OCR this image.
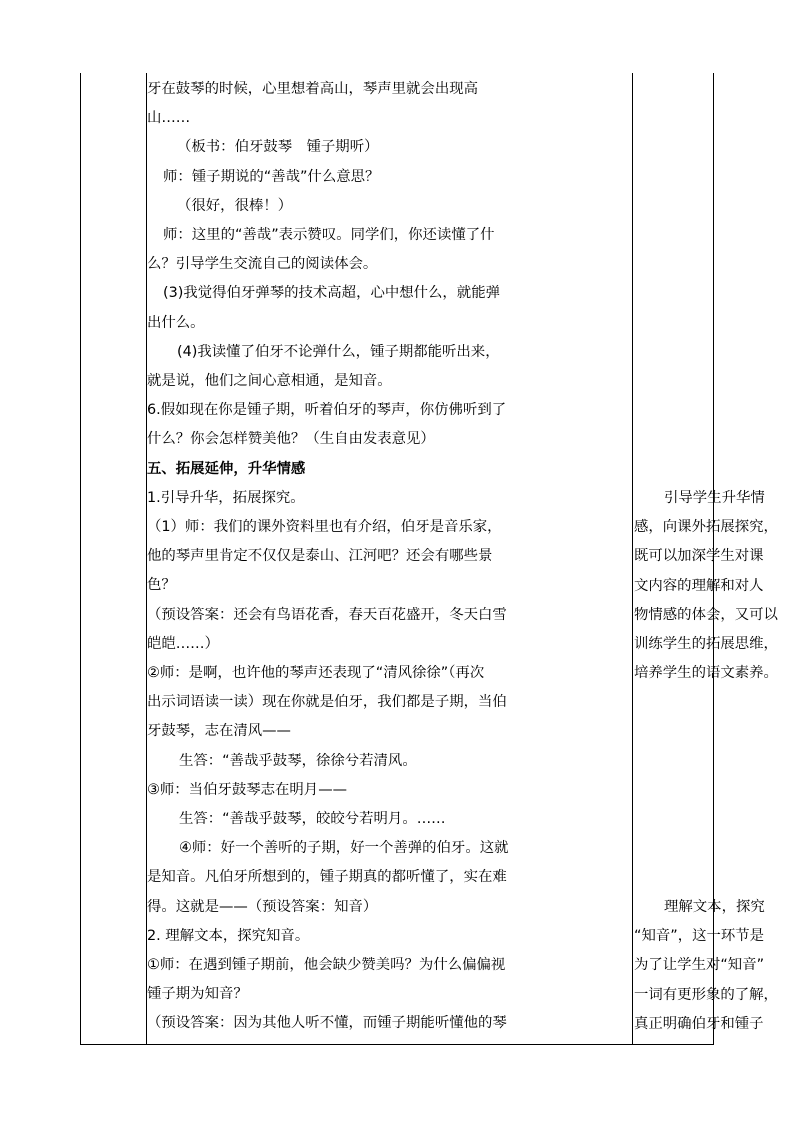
牙在鼓琴的时候，心里想着高山，琴声里就会出现高
山……
（板书：伯牙鼓琴　锺子期听）
师：锺子期说的“善哉”什么意思？
（很好，很棒！）
师：这里的“善哉”表示赞叹。同学们，你还读懂了什
么？引导学生交流自己的阅读体会。
(3)我觉得伯牙弹琴的技术高超，心中想什么，就能弹
出什么。
(4)我读懂了伯牙不论弹什么，锺子期都能听出来，
就是说，他们之间心意相通，是知音。
6.假如现在你是锺子期，听着伯牙的琴声，你仿佛听到了
什么？你会怎样赞美他？（生自由发表意见）
五、拓展延伸，升华情感
1.引导升华，拓展探究。
（1）师：我们的课外资料里也有介绍，伯牙是音乐家，
他的琴声里肯定不仅仅是泰山、江河吧？还会有哪些景
色？
（预设答案：还会有鸟语花香，春天百花盛开，冬天白雪
皑皑……）
②师：是啊，也许他的琴声还表现了“清风徐徐”（再次
出示词语读一读）现在你就是伯牙，我们都是子期，当伯
牙鼓琴，志在清风——
生答：“善哉乎鼓琴，徐徐兮若清风。
③师：当伯牙鼓琴志在明月——
生答：“善哉乎鼓琴，皎皎兮若明月。……
④师：好一个善听的子期，好一个善弹的伯牙。这就
是知音。凡伯牙所想到的，锺子期真的都听懂了，实在难
得。这就是——（预设答案：知音）
2. 理解文本，探究知音。
①师：在遇到锺子期前，他会缺少赞美吗？为什么偏偏视
锺子期为知音？
（预设答案：因为其他人听不懂，而锺子期能听懂他的琴
引导学生升华情
感，向课外拓展探究，
既可以加深学生对课
文内容的理解和对人
物情感的体会，又可以
训练学生的拓展思维，
培养学生的语文素养。
理解文本，探究
“知音”，这一环节是
为了让学生对“知音”
一词有更形象的了解，
真正明确伯牙和锺子
